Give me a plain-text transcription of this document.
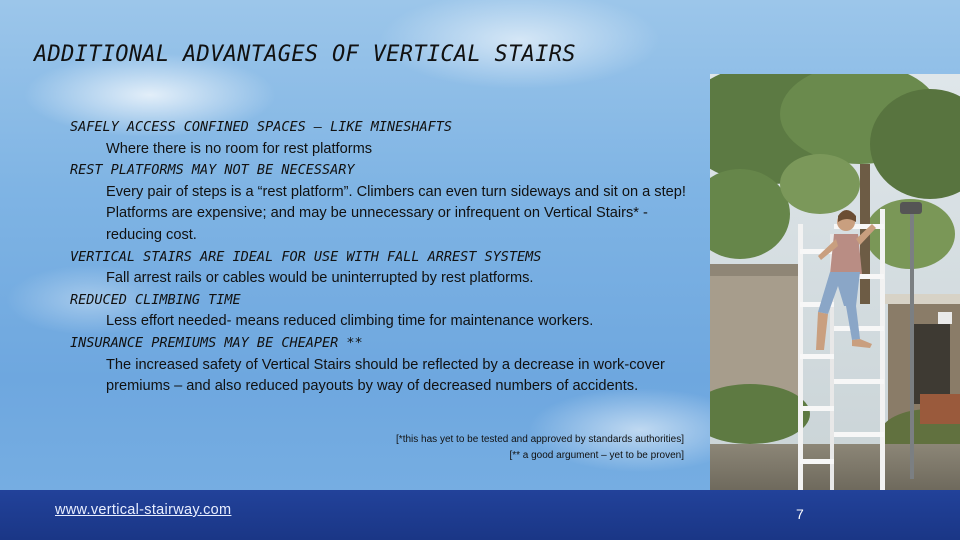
ADDITIONAL ADVANTAGES OF VERTICAL STAIRS
SAFELY ACCESS CONFINED SPACES – LIKE MINESHAFTS
Where there is no room for rest platforms
REST PLATFORMS MAY NOT BE NECESSARY
Every pair of steps is a “rest platform”. Climbers can even turn sideways and sit on a step! Platforms are expensive; and may be unnecessary or infrequent on Vertical Stairs* - reducing cost.
VERTICAL STAIRS ARE IDEAL FOR USE WITH FALL ARREST SYSTEMS
Fall arrest rails or cables would be uninterrupted by rest platforms.
REDUCED CLIMBING TIME
Less effort needed- means reduced climbing time for maintenance workers.
INSURANCE PREMIUMS MAY BE CHEAPER **
The increased safety of Vertical Stairs should be reflected by a decrease in work-cover premiums – and also reduced payouts by way of decreased numbers of accidents.
[*this has yet to be tested and approved by standards authorities]
[** a good argument – yet to be proven]
www.vertical-stairway.com	7
